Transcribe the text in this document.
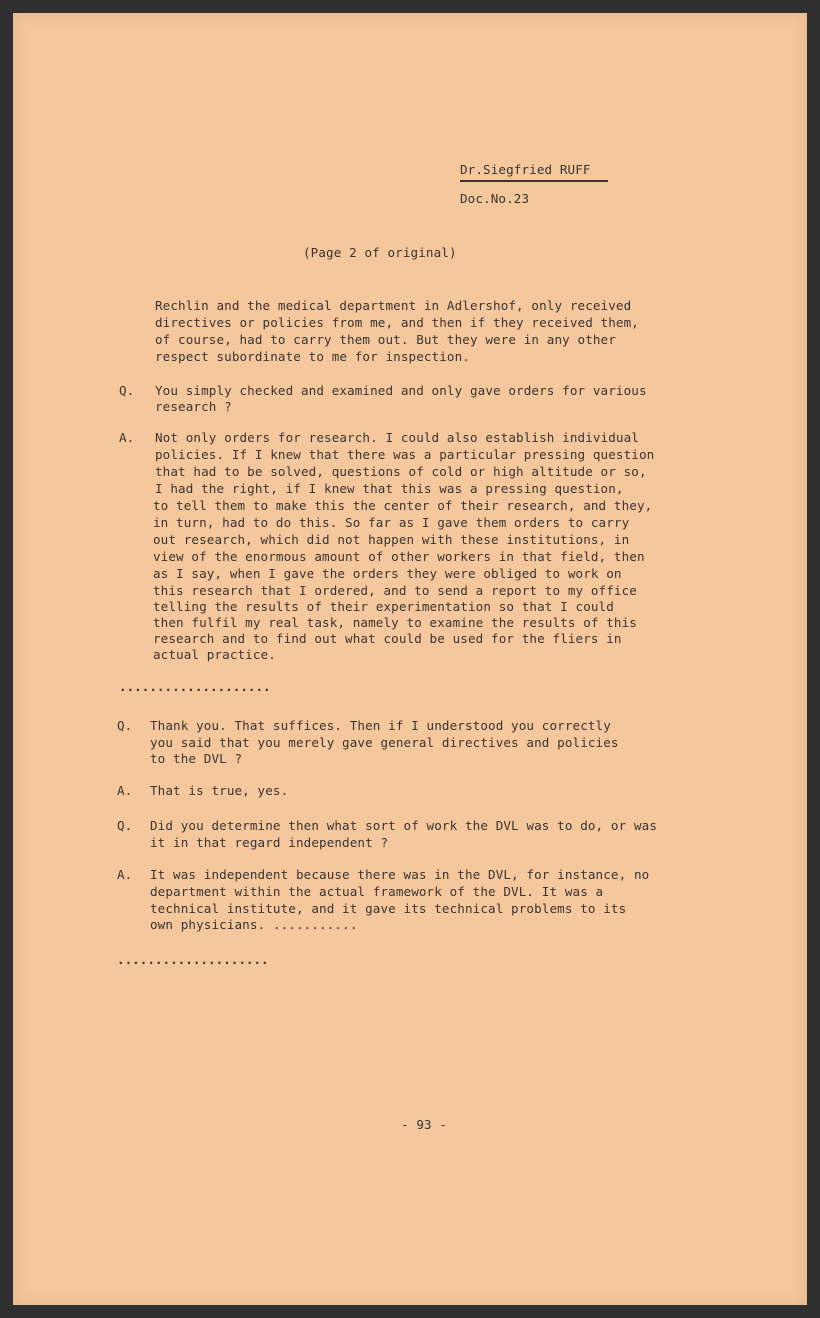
Dr.Siegfried RUFF
Doc.No.23
(Page 2 of original)
Rechlin and the medical department in Adlershof, only received
directives or policies from me, and then if they received them,
of course, had to carry them out. But they were in any other
respect subordinate to me for inspection.
Q. You simply checked and examined and only gave orders for various
research ?
A. Not only orders for research. I could also establish individual
policies. If I knew that there was a particular pressing question
that had to be solved, questions of cold or high altitude or so,
I had the right, if I knew that this was a pressing question,
to tell them to make this the center of their research, and they,
in turn, had to do this. So far as I gave them orders to carry
out research, which did not happen with these institutions, in
view of the enormous amount of other workers in that field, then
as I say, when I gave the orders they were obliged to work on
this research that I ordered, and to send a report to my office
telling the results of their experimentation so that I could
then fulfil my real task, namely to examine the results of this
research and to find out what could be used for the fliers in
actual practice.
....................
Q. Thank you. That suffices. Then if I understood you correctly
you said that you merely gave general directives and policies
to the DVL ?
A. That is true, yes.
Q. Did you determine then what sort of work the DVL was to do, or was
it in that regard independent ?
A. It was independent because there was in the DVL, for instance, no
department within the actual framework of the DVL. It was a
technical institute, and it gave its technical problems to its
own physicians. ...........
....................
- 93 -
